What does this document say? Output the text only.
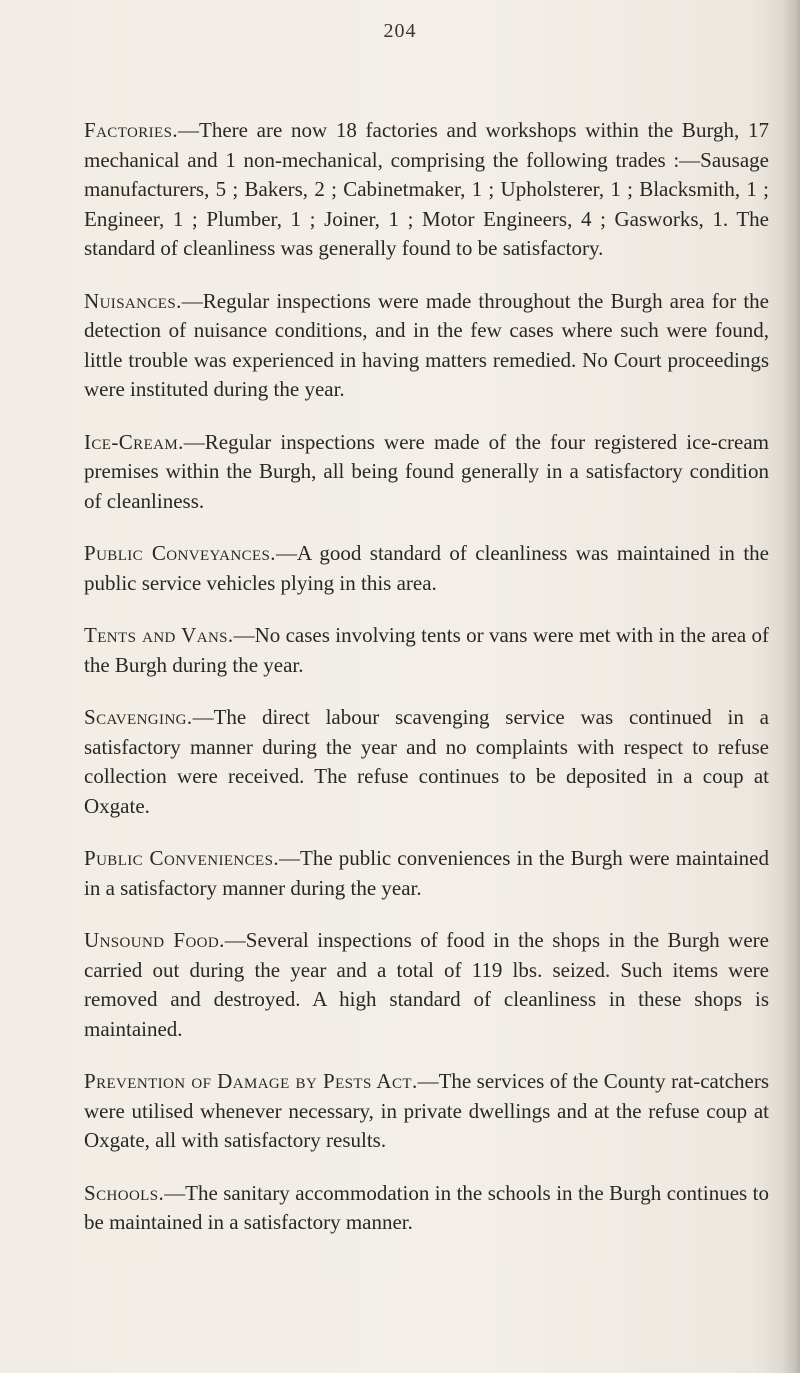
204

Factories.—There are now 18 factories and workshops within the Burgh, 17 mechanical and 1 non-mechanical, comprising the following trades :—Sausage manufacturers, 5 ; Bakers, 2 ; Cabinetmaker, 1 ; Upholsterer, 1 ; Blacksmith, 1 ; Engineer, 1 ; Plumber, 1 ; Joiner, 1 ; Motor Engineers, 4 ; Gasworks, 1. The standard of cleanliness was generally found to be satisfactory.

Nuisances.—Regular inspections were made throughout the Burgh area for the detection of nuisance conditions, and in the few cases where such were found, little trouble was experienced in having matters remedied. No Court proceedings were instituted during the year.

Ice-Cream.—Regular inspections were made of the four registered ice-cream premises within the Burgh, all being found generally in a satisfactory condition of cleanliness.

Public Conveyances.—A good standard of cleanliness was maintained in the public service vehicles plying in this area.

Tents and Vans.—No cases involving tents or vans were met with in the area of the Burgh during the year.

Scavenging.—The direct labour scavenging service was continued in a satisfactory manner during the year and no complaints with respect to refuse collection were received. The refuse continues to be deposited in a coup at Oxgate.

Public Conveniences.—The public conveniences in the Burgh were maintained in a satisfactory manner during the year.

Unsound Food.—Several inspections of food in the shops in the Burgh were carried out during the year and a total of 119 lbs. seized. Such items were removed and destroyed. A high standard of cleanliness in these shops is maintained.

Prevention of Damage by Pests Act.—The services of the County rat-catchers were utilised whenever necessary, in private dwellings and at the refuse coup at Oxgate, all with satisfactory results.

Schools.—The sanitary accommodation in the schools in the Burgh continues to be maintained in a satisfactory manner.
